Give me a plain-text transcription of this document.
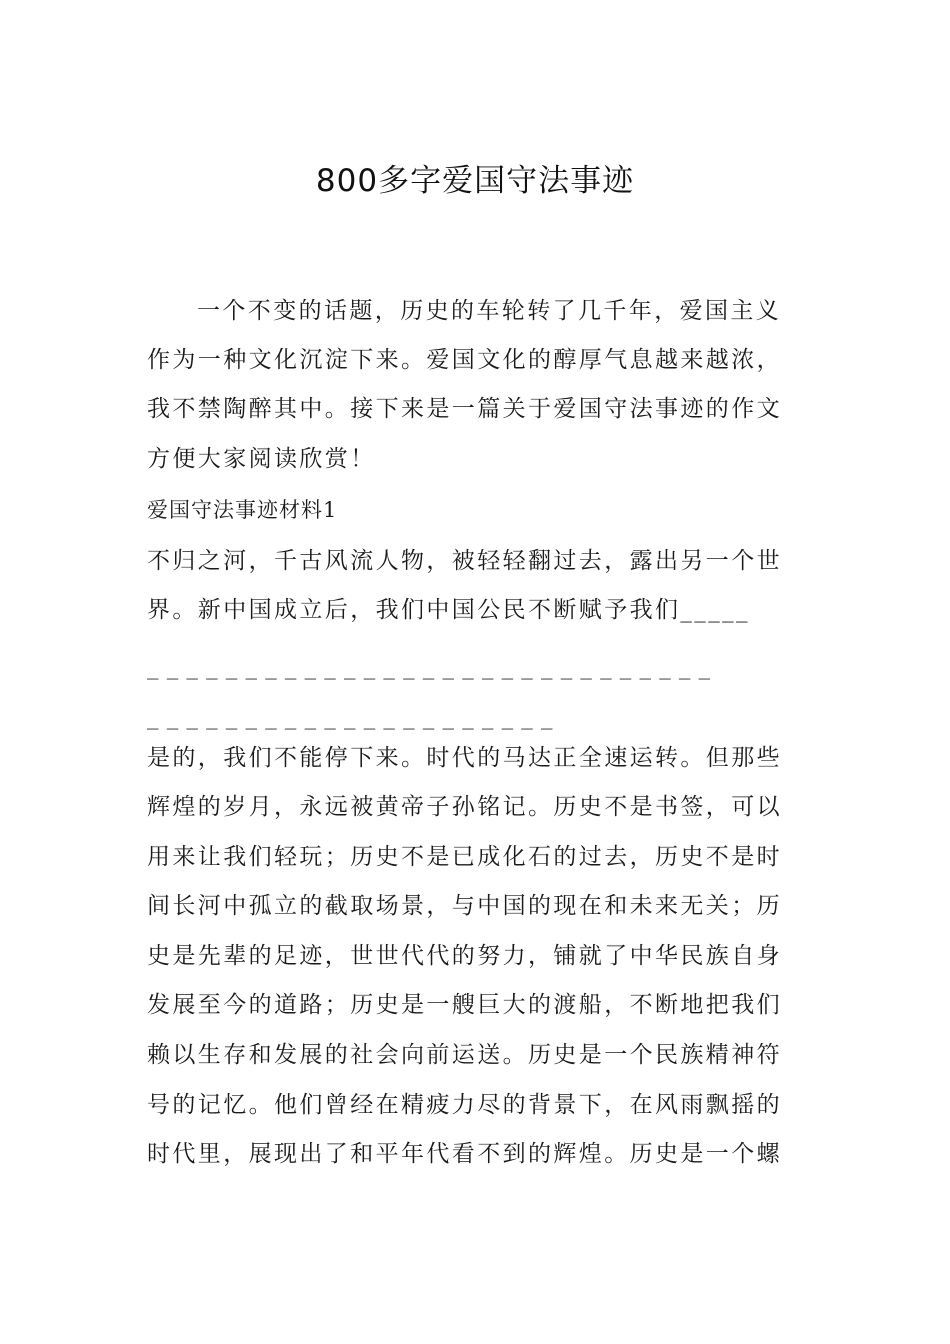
800多字爱国守法事迹

一个不变的话题，历史的车轮转了几千年，爱国主义

作为一种文化沉淀下来。爱国文化的醇厚气息越来越浓，

我不禁陶醉其中。接下来是一篇关于爱国守法事迹的作文

方便大家阅读欣赏！

爱国守法事迹材料1

不归之河，千古风流人物，被轻轻翻过去，露出另一个世

界。新中国成立后，我们中国公民不断赋予我们_____

_____________________________

_____________________

是的，我们不能停下来。时代的马达正全速运转。但那些

辉煌的岁月，永远被黄帝子孙铭记。历史不是书签，可以

用来让我们轻玩；历史不是已成化石的过去，历史不是时

间长河中孤立的截取场景，与中国的现在和未来无关；历

史是先辈的足迹，世世代代的努力，铺就了中华民族自身

发展至今的道路；历史是一艘巨大的渡船，不断地把我们

赖以生存和发展的社会向前运送。历史是一个民族精神符

号的记忆。他们曾经在精疲力尽的背景下，在风雨飘摇的

时代里，展现出了和平年代看不到的辉煌。历史是一个螺
